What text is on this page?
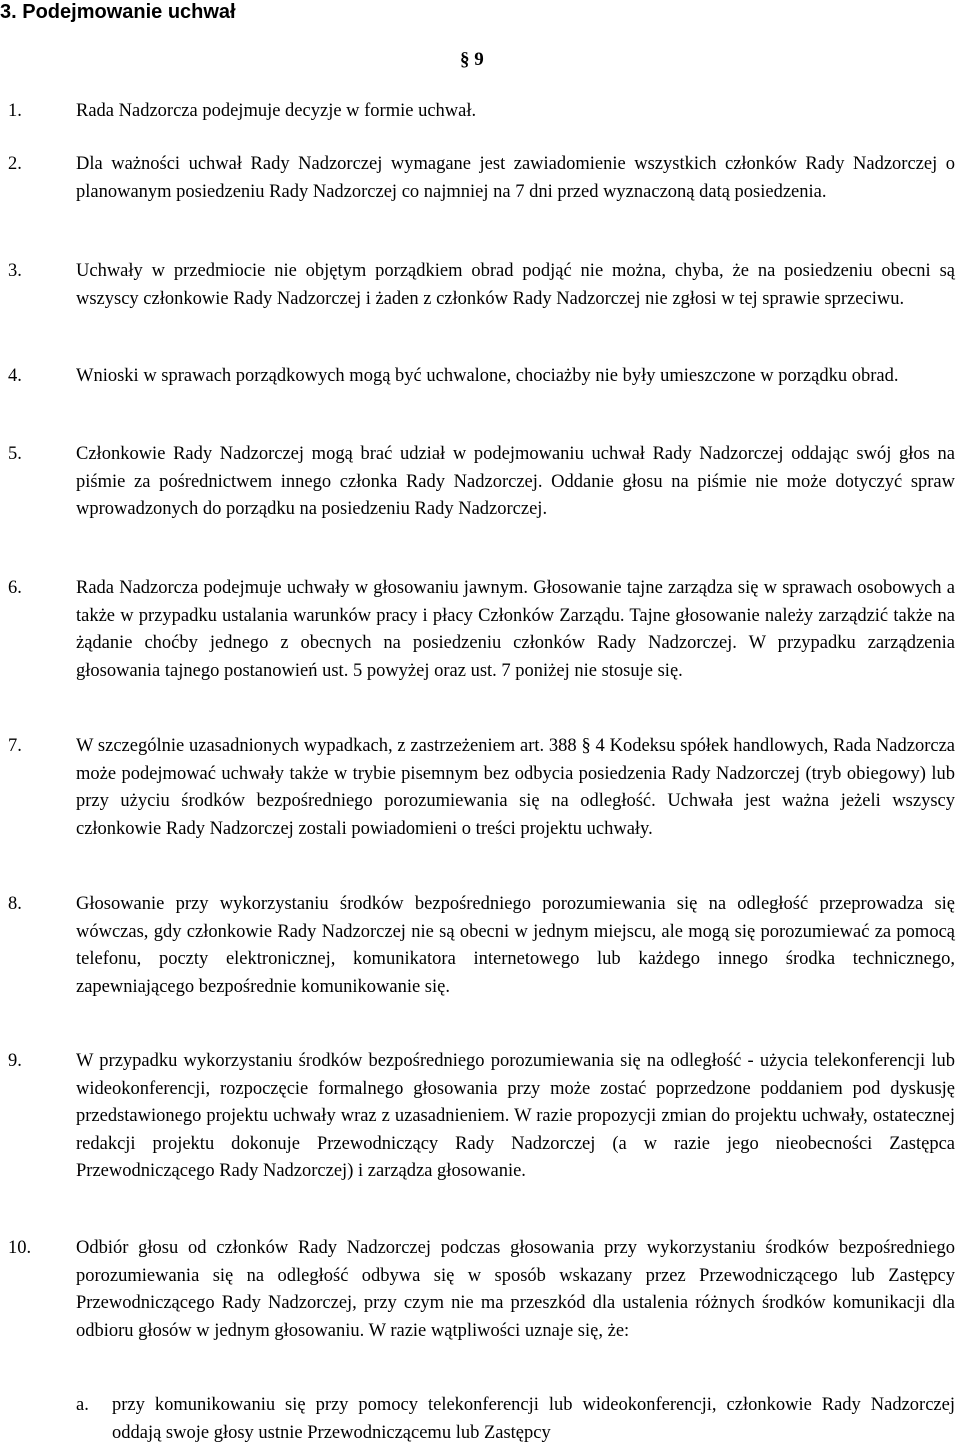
3. Podejmowanie uchwał
§ 9
1.	Rada Nadzorcza podejmuje decyzje w formie uchwał.
2.	Dla ważności uchwał Rady Nadzorczej wymagane jest zawiadomienie wszystkich członków Rady Nadzorczej o planowanym posiedzeniu Rady Nadzorczej co najmniej na 7 dni przed wyznaczoną datą posiedzenia.
3.	Uchwały w przedmiocie nie objętym porządkiem obrad podjąć nie można, chyba, że na posiedzeniu obecni są wszyscy członkowie Rady Nadzorczej i żaden z członków Rady Nadzorczej nie zgłosi w tej sprawie sprzeciwu.
4.	Wnioski w sprawach porządkowych mogą być uchwalone, chociażby nie były umieszczone w porządku obrad.
5.	Członkowie Rady Nadzorczej mogą brać udział w podejmowaniu uchwał Rady Nadzorczej oddając swój głos na piśmie za pośrednictwem innego członka Rady Nadzorczej. Oddanie głosu na piśmie nie może dotyczyć spraw wprowadzonych do porządku na posiedzeniu Rady Nadzorczej.
6.	Rada Nadzorcza podejmuje uchwały w głosowaniu jawnym. Głosowanie tajne zarządza się w sprawach osobowych a także w przypadku ustalania warunków pracy i płacy Członków Zarządu. Tajne głosowanie należy zarządzić także na żądanie choćby jednego z obecnych na posiedzeniu członków Rady Nadzorczej. W przypadku zarządzenia głosowania tajnego postanowień ust. 5 powyżej oraz ust. 7 poniżej nie stosuje się.
7.	W szczególnie uzasadnionych wypadkach, z zastrzeżeniem art. 388 § 4 Kodeksu spółek handlowych, Rada Nadzorcza może podejmować uchwały także w trybie pisemnym bez odbycia posiedzenia Rady Nadzorczej (tryb obiegowy) lub przy użyciu środków bezpośredniego porozumiewania się na odległość. Uchwała jest ważna jeżeli wszyscy członkowie Rady Nadzorczej zostali powiadomieni o treści projektu uchwały.
8.	Głosowanie przy wykorzystaniu środków bezpośredniego porozumiewania się na odległość przeprowadza się wówczas, gdy członkowie Rady Nadzorczej nie są obecni w jednym miejscu, ale mogą się porozumiewać za pomocą telefonu, poczty elektronicznej, komunikatora internetowego lub każdego innego środka technicznego, zapewniającego bezpośrednie komunikowanie się.
9.	W przypadku wykorzystaniu środków bezpośredniego porozumiewania się na odległość - użycia telekonferencji lub wideokonferencji, rozpoczęcie formalnego głosowania przy może zostać poprzedzone poddaniem pod dyskusję przedstawionego projektu uchwały wraz z uzasadnieniem. W razie propozycji zmian do projektu uchwały, ostatecznej redakcji projektu dokonuje Przewodniczący Rady Nadzorczej (a w razie jego nieobecności Zastępca Przewodniczącego Rady Nadzorczej) i zarządza głosowanie.
10. Odbiór głosu od członków Rady Nadzorczej podczas głosowania przy wykorzystaniu środków bezpośredniego porozumiewania się na odległość odbywa się w sposób wskazany przez Przewodniczącego lub Zastępcy Przewodniczącego Rady Nadzorczej, przy czym nie ma przeszkód dla ustalenia różnych środków komunikacji dla odbioru głosów w jednym głosowaniu. W razie wątpliwości uznaje się, że:
a. przy komunikowaniu się przy pomocy telekonferencji lub wideokonferencji, członkowie Rady Nadzorczej oddają swoje głosy ustnie Przewodniczącemu lub Zastępcy
